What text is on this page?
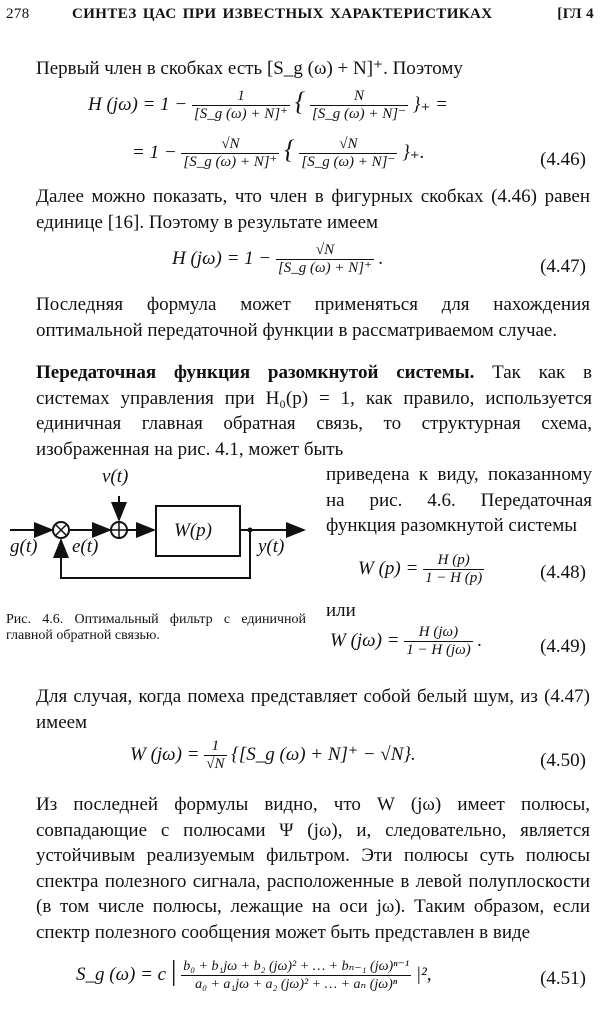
278	СИНТЕЗ ЦАС ПРИ ИЗВЕСТНЫХ ХАРАКТЕРИСТИКАХ	[ГЛ 4
Первый член в скобках есть [S_g (ω) + N]⁺. Поэтому
H $(j\omega) = 1 - \frac{1}{[S\_g (\omega) + N]^+}$ { $\frac{N}{[S\_g (\omega) + N]^-}$ }₊ =
= $1 - \frac{√N}{[S\_g (\omega) + N]^+}$ { $\frac{√N}{[S\_g (\omega) + N]^-}$ }₊.	(4.46)
Далее можно показать, что член в фигурных скобках (4.46) равен единице [16]. Поэтому в результате имеем
H $(j\omega) = 1 - \frac{√N}{[S\_g (\omega) + N]^+}$ .	(4.47)
Последняя формула может применяться для нахождения оптимальной передаточной функции в рассматриваемом случае.
Передаточная функция разомкнутой системы. Так как в системах управления при H₀(p) = 1, как правило, используется единичная главная обратная связь, то структурная схема, изображенная на рис. 4.1, может быть
приведена к виду, показанному на рис. 4.6. Передаточная функция разомкнутой системы
v(t)
g(t) e(t)
W(p)
y(t)
Рис. 4.6. Оптимальный фильтр с единичной главной обратной связью.
W $(p) = \frac{H (p)}{1 - H (p)}$	(4.48)
или
W $(j\omega) = \frac{H (j\omega)}{1 - H (j\omega)}$ .	(4.49)
Для случая, когда помеха представляет собой белый шум, из (4.47) имеем
W $(j\omega) = \frac{1}{√N}$ {[S_g (ω) + N]⁺ − √N}.	(4.50)
Из последней формулы видно, что W (jω) имеет полюсы, совпадающие с полюсами Ψ (jω), и, следовательно, является устойчивым реализуемым фильтром. Эти полюсы суть полюсы спектра полезного сигнала, расположенные в левой полуплоскости (в том числе полюсы, лежащие на оси jω). Таким образом, если спектр полезного сообщения может быть представлен в виде
S_g (ω) = c | $\frac{\text{b₀ + b₁jω + b₂ (jω)² + … + bₙ₋₁ (jω)ⁿ⁻¹}}{\text{a₀ + a₁jω + a₂ (jω)² + … + aₙ (jω)ⁿ}} |^2$,	(4.51)
